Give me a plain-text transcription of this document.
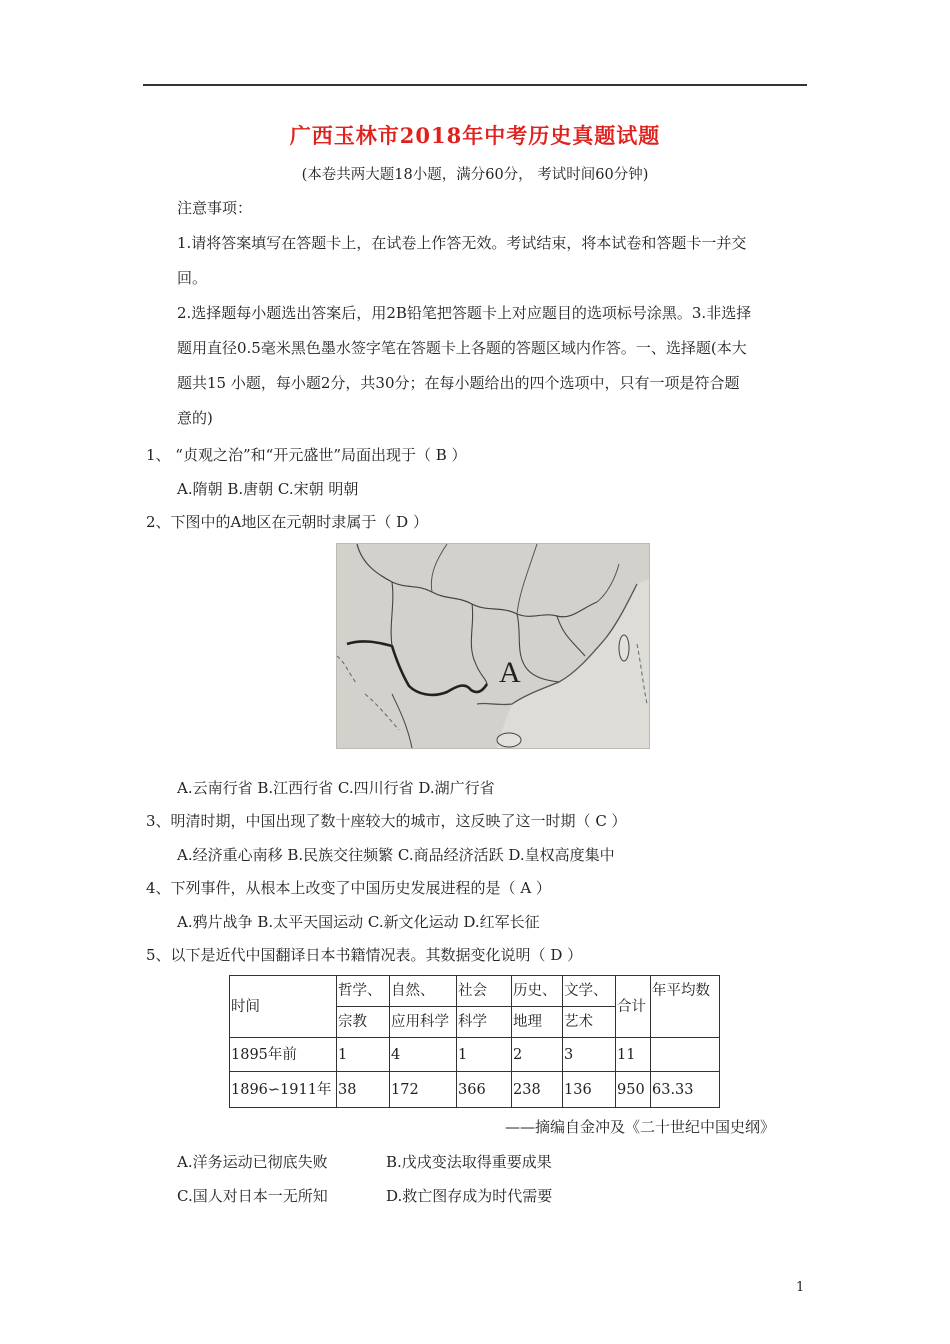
广西玉林市2018年中考历史真题试题
(本卷共两大题18小题，满分60分， 考试时间60分钟)
注意事项：
1.请将答案填写在答题卡上，在试卷上作答无效。考试结束，将本试卷和答题卡一并交
回。
2.选择题每小题选出答案后，用2B铅笔把答题卡上对应题目的选项标号涂黑。3.非选择
题用直径0.5毫米黑色墨水签字笔在答题卡上各题的答题区域内作答。一、选择题(本大
题共15 小题，每小题2分，共30分；在每小题给出的四个选项中，只有一项是符合题
意的)
1、 “贞观之治”和“开元盛世”局面出现于（ B ）
A.隋朝 B.唐朝 C.宋朝 明朝
2、下图中的A地区在元朝时隶属于（ D ）
A
A.云南行省 B.江西行省 C.四川行省 D.湖广行省
3、明清时期，中国出现了数十座较大的城市，这反映了这一时期（ C ）
A.经济重心南移 B.民族交往频繁 C.商品经济活跃 D.皇权高度集中
4、下列事件，从根本上改变了中国历史发展进程的是（ A ）
A.鸦片战争 B.太平天国运动 C.新文化运动 D.红军长征
5、以下是近代中国翻译日本书籍情况表。其数据变化说明（ D ）
时间	哲学、	自然、	社会	历史、	文学、	合计	年平均数
	宗教	应用科学	科学	地理	艺术		
1895年前	1	4	1	2	3	11	
1896∽1911年	38	172	366	238	136	950	63.33
——摘编自金冲及《二十世纪中国史纲》
A.洋务运动已彻底失败	B.戊戌变法取得重要成果
C.国人对日本一无所知	D.救亡图存成为时代需要
1
